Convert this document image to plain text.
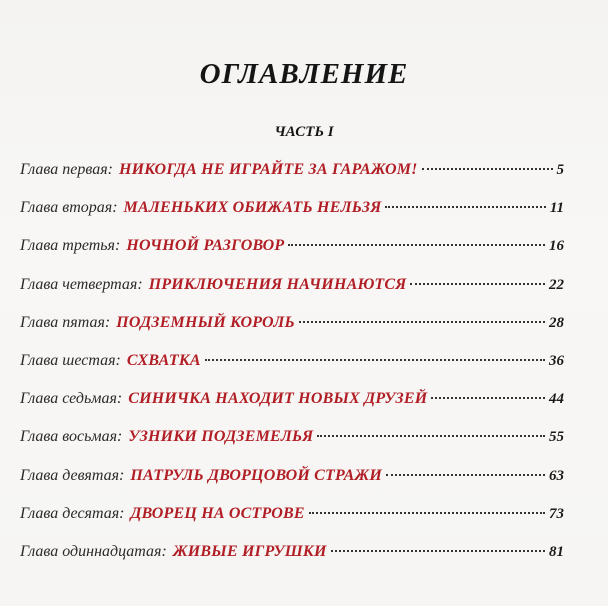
ОГЛАВЛЕНИЕ
ЧАСТЬ I
Глава первая: НИКОГДА НЕ ИГРАЙТЕ ЗА ГАРАЖОМ!	5
Глава вторая: МАЛЕНЬКИХ ОБИЖАТЬ НЕЛЬЗЯ	11
Глава третья: НОЧНОЙ РАЗГОВОР	16
Глава четвертая: ПРИКЛЮЧЕНИЯ НАЧИНАЮТСЯ	22
Глава пятая: ПОДЗЕМНЫЙ КОРОЛЬ	28
Глава шестая: СХВАТКА	36
Глава седьмая: СИНИЧКА НАХОДИТ НОВЫХ ДРУЗЕЙ	44
Глава восьмая: УЗНИКИ ПОДЗЕМЕЛЬЯ	55
Глава девятая: ПАТРУЛЬ ДВОРЦОВОЙ СТРАЖИ	63
Глава десятая: ДВОРЕЦ НА ОСТРОВЕ	73
Глава одиннадцатая: ЖИВЫЕ ИГРУШКИ	81
